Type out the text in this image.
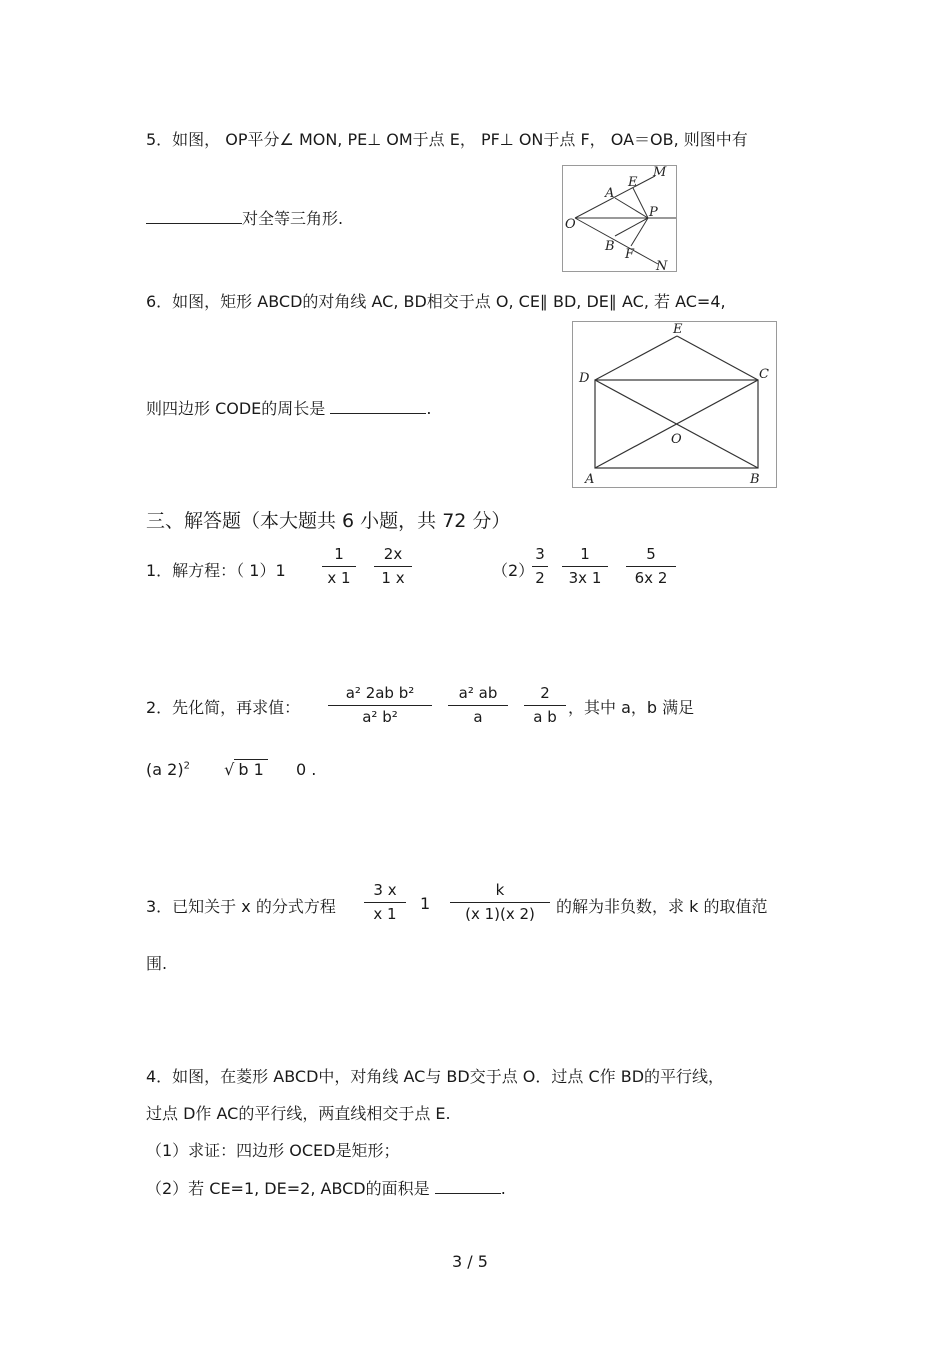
5．如图， OP平分∠ MON, PE⊥ OM于点 E， PF⊥ ON于点 F， OA＝OB, 则图中有
对全等三角形.
M
E
A
O
P
B
F
N
6．如图，矩形 ABCD的对角线 AC, BD相交于点 O, CE∥ BD, DE∥ AC, 若 AC=4,
则四边形 CODE的周长是	.
E
D	C
O
A	B
三、解答题（本大题共 6 小题，共 72 分）
1．解方程：（ 1）1
1
x 1
2x
1 x	（2）
3
2
1
3x 1
5
6x 2
2．先化简，再求值：
a² 2ab b²
a² b²
a² ab
a
2
a b ，其中 a，b 满足
(a 2)$^2$ √ b 1 0 .
3．已知关于 x 的分式方程
3 x
x 1
1
k
(x 1)(x 2)	的解为非负数，求 k 的取值范
围.
4．如图，在菱形 ABCD中，对角线 AC与 BD交于点 O．过点 C作 BD的平行线，
过点 D作 AC的平行线，两直线相交于点 E.
（1）求证：四边形 OCED是矩形；
（2）若 CE=1, DE=2, ABCD的面积是	.
3 / 5
